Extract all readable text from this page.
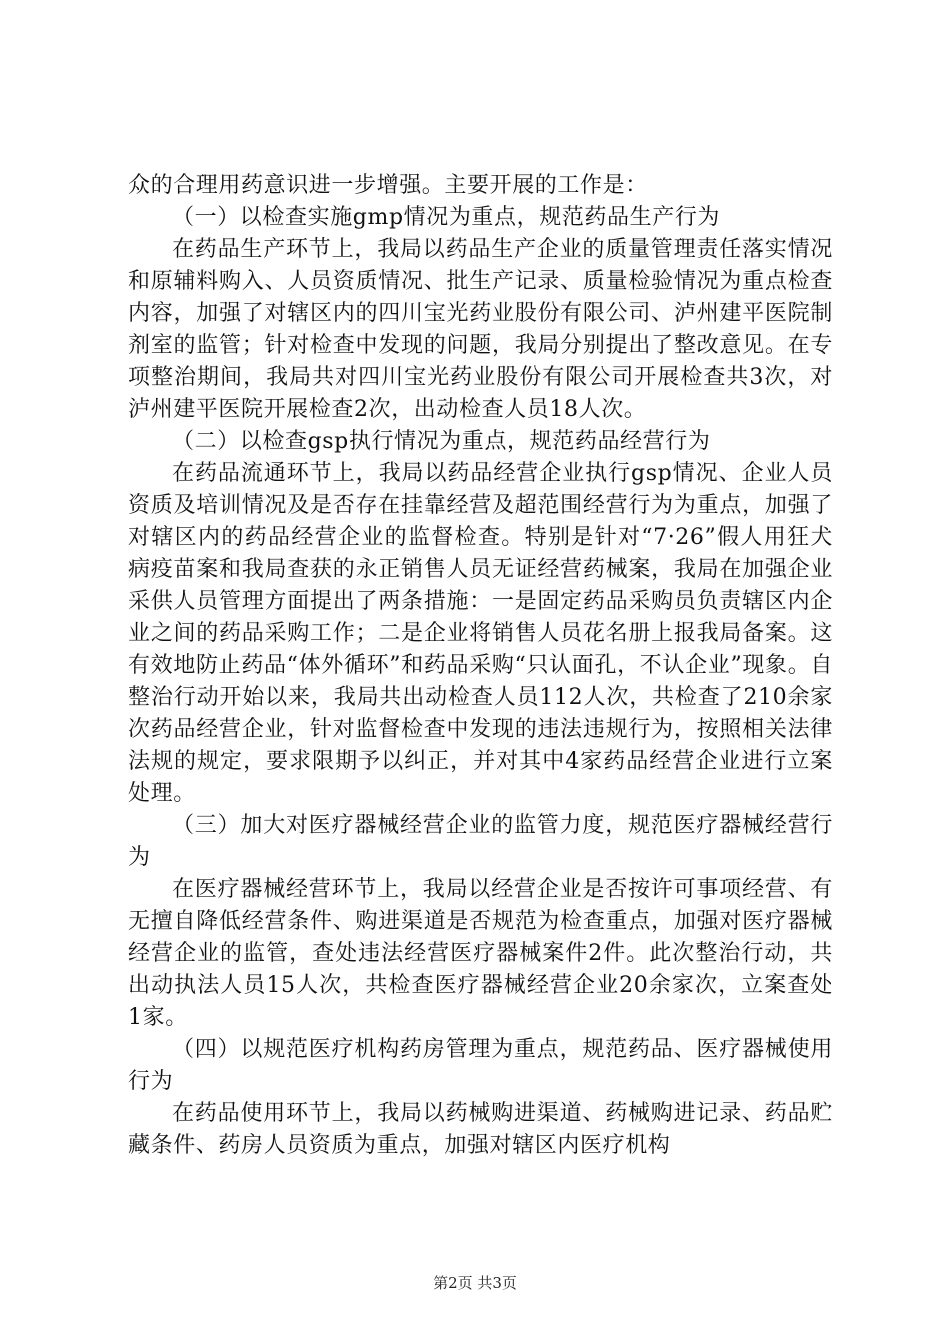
众的合理用药意识进一步增强。主要开展的工作是：

（一）以检查实施gmp情况为重点，规范药品生产行为

在药品生产环节上，我局以药品生产企业的质量管理责任落实情况和原辅料购入、人员资质情况、批生产记录、质量检验情况为重点检查内容，加强了对辖区内的四川宝光药业股份有限公司、泸州建平医院制剂室的监管；针对检查中发现的问题，我局分别提出了整改意见。在专项整治期间，我局共对四川宝光药业股份有限公司开展检查共3次，对泸州建平医院开展检查2次，出动检查人员18人次。

（二）以检查gsp执行情况为重点，规范药品经营行为

在药品流通环节上，我局以药品经营企业执行gsp情况、企业人员资质及培训情况及是否存在挂靠经营及超范围经营行为为重点，加强了对辖区内的药品经营企业的监督检查。特别是针对“7·26”假人用狂犬病疫苗案和我局查获的永正销售人员无证经营药械案，我局在加强企业采供人员管理方面提出了两条措施：一是固定药品采购员负责辖区内企业之间的药品采购工作；二是企业将销售人员花名册上报我局备案。这有效地防止药品“体外循环”和药品采购“只认面孔，不认企业”现象。自整治行动开始以来，我局共出动检查人员112人次，共检查了210余家次药品经营企业，针对监督检查中发现的违法违规行为，按照相关法律法规的规定，要求限期予以纠正，并对其中4家药品经营企业进行立案处理。

（三）加大对医疗器械经营企业的监管力度，规范医疗器械经营行为

在医疗器械经营环节上，我局以经营企业是否按许可事项经营、有无擅自降低经营条件、购进渠道是否规范为检查重点，加强对医疗器械经营企业的监管，查处违法经营医疗器械案件2件。此次整治行动，共出动执法人员15人次，共检查医疗器械经营企业20余家次，立案查处1家。

（四）以规范医疗机构药房管理为重点，规范药品、医疗器械使用行为

在药品使用环节上，我局以药械购进渠道、药械购进记录、药品贮藏条件、药房人员资质为重点，加强对辖区内医疗机构

第2页 共3页
